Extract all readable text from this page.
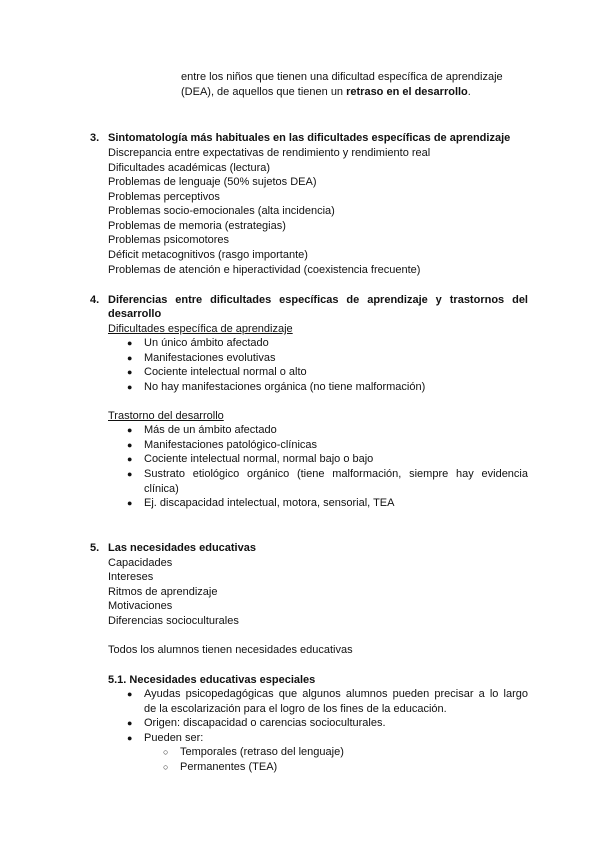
entre los niños que tienen una dificultad específica de aprendizaje

(DEA), de aquellos que tienen un retraso en el desarrollo.

3. Sintomatología más habituales en las dificultades específicas de aprendizaje
Discrepancia entre expectativas de rendimiento y rendimiento real
Dificultades académicas (lectura)
Problemas de lenguaje (50% sujetos DEA)
Problemas perceptivos
Problemas socio-emocionales (alta incidencia)
Problemas de memoria (estrategias)
Problemas psicomotores
Déficit metacognitivos (rasgo importante)
Problemas de atención e hiperactividad (coexistencia frecuente)
4. Diferencias entre dificultades específicas de aprendizaje y trastornos del
desarrollo
Dificultades específica de aprendizaje
● Un único ámbito afectado
● Manifestaciones evolutivas
● Cociente intelectual normal o alto
● No hay manifestaciones orgánica (no tiene malformación)
Trastorno del desarrollo
● Más de un ámbito afectado
● Manifestaciones patológico-clínicas
● Cociente intelectual normal, normal bajo o bajo
● Sustrato etiológico orgánico (tiene malformación, siempre hay evidencia
clínica)
● Ej. discapacidad intelectual, motora, sensorial, TEA
5. Las necesidades educativas
Capacidades
Intereses
Ritmos de aprendizaje
Motivaciones
Diferencias socioculturales
Todos los alumnos tienen necesidades educativas
5.1. Necesidades educativas especiales
● Ayudas psicopedagógicas que algunos alumnos pueden precisar a lo largo
de la escolarización para el logro de los fines de la educación.
● Origen: discapacidad o carencias socioculturales.
● Pueden ser:
○ Temporales (retraso del lenguaje)
○ Permanentes (TEA)
